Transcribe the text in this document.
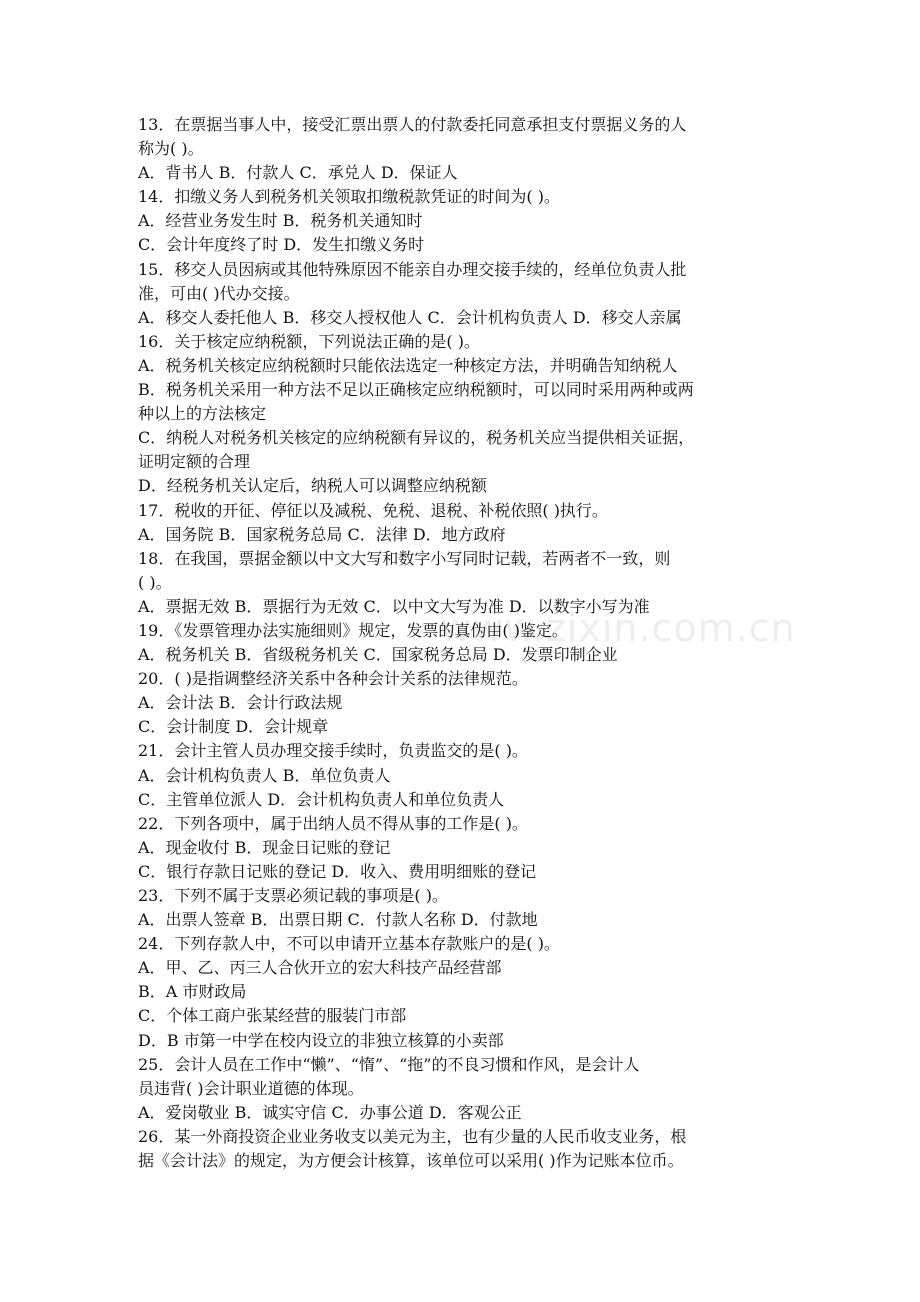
www.zixin.com.cn
13．在票据当事人中，接受汇票出票人的付款委托同意承担支付票据义务的人
称为( )。
A．背书人 B．付款人 C．承兑人 D．保证人
14．扣缴义务人到税务机关领取扣缴税款凭证的时间为( )。
A．经营业务发生时 B．税务机关通知时
C．会计年度终了时 D．发生扣缴义务时
15．移交人员因病或其他特殊原因不能亲自办理交接手续的，经单位负责人批
准，可由( )代办交接。
A．移交人委托他人 B．移交人授权他人 C．会计机构负责人 D．移交人亲属
16．关于核定应纳税额，下列说法正确的是( )。
A．税务机关核定应纳税额时只能依法选定一种核定方法，并明确告知纳税人
B．税务机关采用一种方法不足以正确核定应纳税额时，可以同时采用两种或两
种以上的方法核定
C．纳税人对税务机关核定的应纳税额有异议的，税务机关应当提供相关证据，
证明定额的合理
D．经税务机关认定后，纳税人可以调整应纳税额
17．税收的开征、停征以及减税、免税、退税、补税依照( )执行。
A．国务院 B．国家税务总局 C．法律 D．地方政府
18．在我国，票据金额以中文大写和数字小写同时记载，若两者不一致，则
( )。
A．票据无效 B．票据行为无效 C．以中文大写为准 D．以数字小写为准
19．《发票管理办法实施细则》规定，发票的真伪由( )鉴定。
A．税务机关 B．省级税务机关 C．国家税务总局 D．发票印制企业
20．( )是指调整经济关系中各种会计关系的法律规范。
A．会计法 B．会计行政法规
C．会计制度 D．会计规章
21．会计主管人员办理交接手续时，负责监交的是( )。
A．会计机构负责人 B．单位负责人
C．主管单位派人 D．会计机构负责人和单位负责人
22．下列各项中，属于出纳人员不得从事的工作是( )。
A．现金收付 B．现金日记账的登记
C．银行存款日记账的登记 D．收入、费用明细账的登记
23．下列不属于支票必须记载的事项是( )。
A．出票人签章 B．出票日期 C．付款人名称 D．付款地
24．下列存款人中，不可以申请开立基本存款账户的是( )。
A．甲、乙、丙三人合伙开立的宏大科技产品经营部
B．A 市财政局
C．个体工商户张某经营的服装门市部
D．B 市第一中学在校内设立的非独立核算的小卖部
25．会计人员在工作中“懒”、“惰”、“拖”的不良习惯和作风，是会计人
员违背( )会计职业道德的体现。
A．爱岗敬业 B．诚实守信 C．办事公道 D．客观公正
26．某一外商投资企业业务收支以美元为主，也有少量的人民币收支业务，根
据《会计法》的规定，为方便会计核算，该单位可以采用( )作为记账本位币。
